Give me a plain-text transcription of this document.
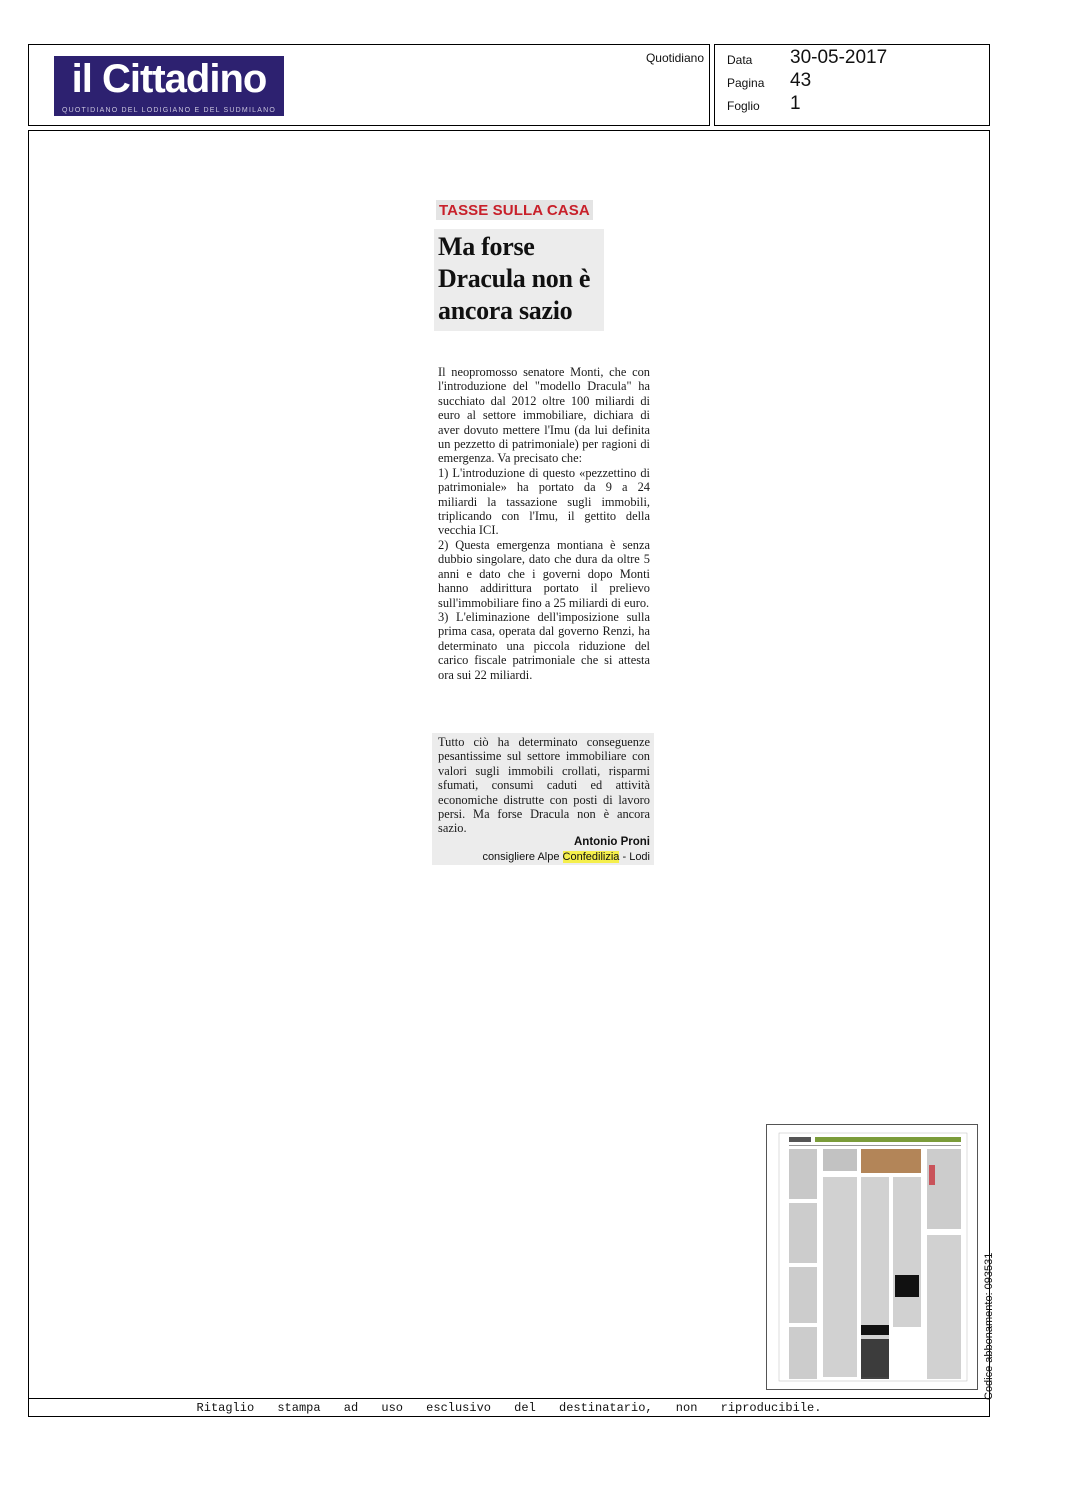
il Cittadino
QUOTIDIANO DEL LODIGIANO E DEL SUDMILANO
Quotidiano Data 30-05-2017
Pagina 43
Foglio 1
TASSE SULLA CASA
Ma forse Dracula non è ancora sazio

Il neopromosso senatore Monti, che con l'introduzione del "modello Dracula" ha succhiato dal 2012 oltre 100 miliardi di euro al settore immobiliare, dichiara di aver dovuto mettere l'Imu (da lui definita un pezzetto di patrimoniale) per ragioni di emergenza. Va precisato che:

1) L'introduzione di questo «pezzettino di patrimoniale» ha portato da 9 a 24 miliardi la tassazione sugli immobili, triplicando con l'Imu, il gettito della vecchia ICI.

2) Questa emergenza montiana è senza dubbio singolare, dato che dura da oltre 5 anni e dato che i governi dopo Monti hanno addirittura portato il prelievo sull'immobiliare fino a 25 miliardi di euro.

3) L'eliminazione dell'imposizione sulla prima casa, operata dal governo Renzi, ha determinato una piccola riduzione del carico fiscale patrimoniale che si attesta ora sui 22 miliardi.

Tutto ciò ha determinato conseguenze pesantissime sul settore immobiliare con valori sugli immobili crollati, risparmi sfumati, consumi caduti ed attività economiche distrutte con posti di lavoro persi. Ma forse Dracula non è ancora sazio.
Antonio Proni
consigliere Alpe Confedilizia - Lodi
Ritaglio stampa ad uso esclusivo del destinatario, non riproducibile.
Codice abbonamento: 093531
